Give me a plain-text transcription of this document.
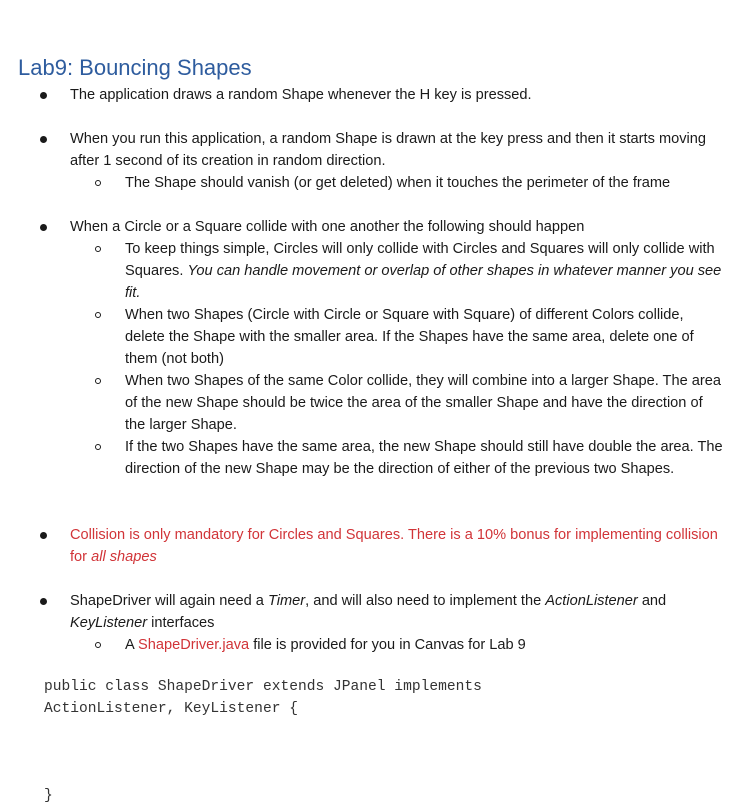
Lab9: Bouncing Shapes
The application draws a random Shape whenever the H key is pressed.
When you run this application, a random Shape is drawn at the key press and then it starts moving after 1 second of its creation in random direction.
The Shape should vanish (or get deleted) when it touches the perimeter of the frame
When a Circle or a Square collide with one another the following should happen
To keep things simple, Circles will only collide with Circles and Squares will only collide with Squares. You can handle movement or overlap of other shapes in whatever manner you see fit.
When two Shapes (Circle with Circle or Square with Square) of different Colors collide, delete the Shape with the smaller area. If the Shapes have the same area, delete one of them (not both)
When two Shapes of the same Color collide, they will combine into a larger Shape. The area of the new Shape should be twice the area of the smaller Shape and have the direction of the larger Shape.
If the two Shapes have the same area, the new Shape should still have double the area. The direction of the new Shape may be the direction of either of the previous two Shapes.
Collision is only mandatory for Circles and Squares. There is a 10% bonus for implementing collision for all shapes
ShapeDriver will again need a Timer, and will also need to implement the ActionListener and KeyListener interfaces
A ShapeDriver.java file is provided for you in Canvas for Lab 9
public class ShapeDriver extends JPanel implements
ActionListener, KeyListener {
}
